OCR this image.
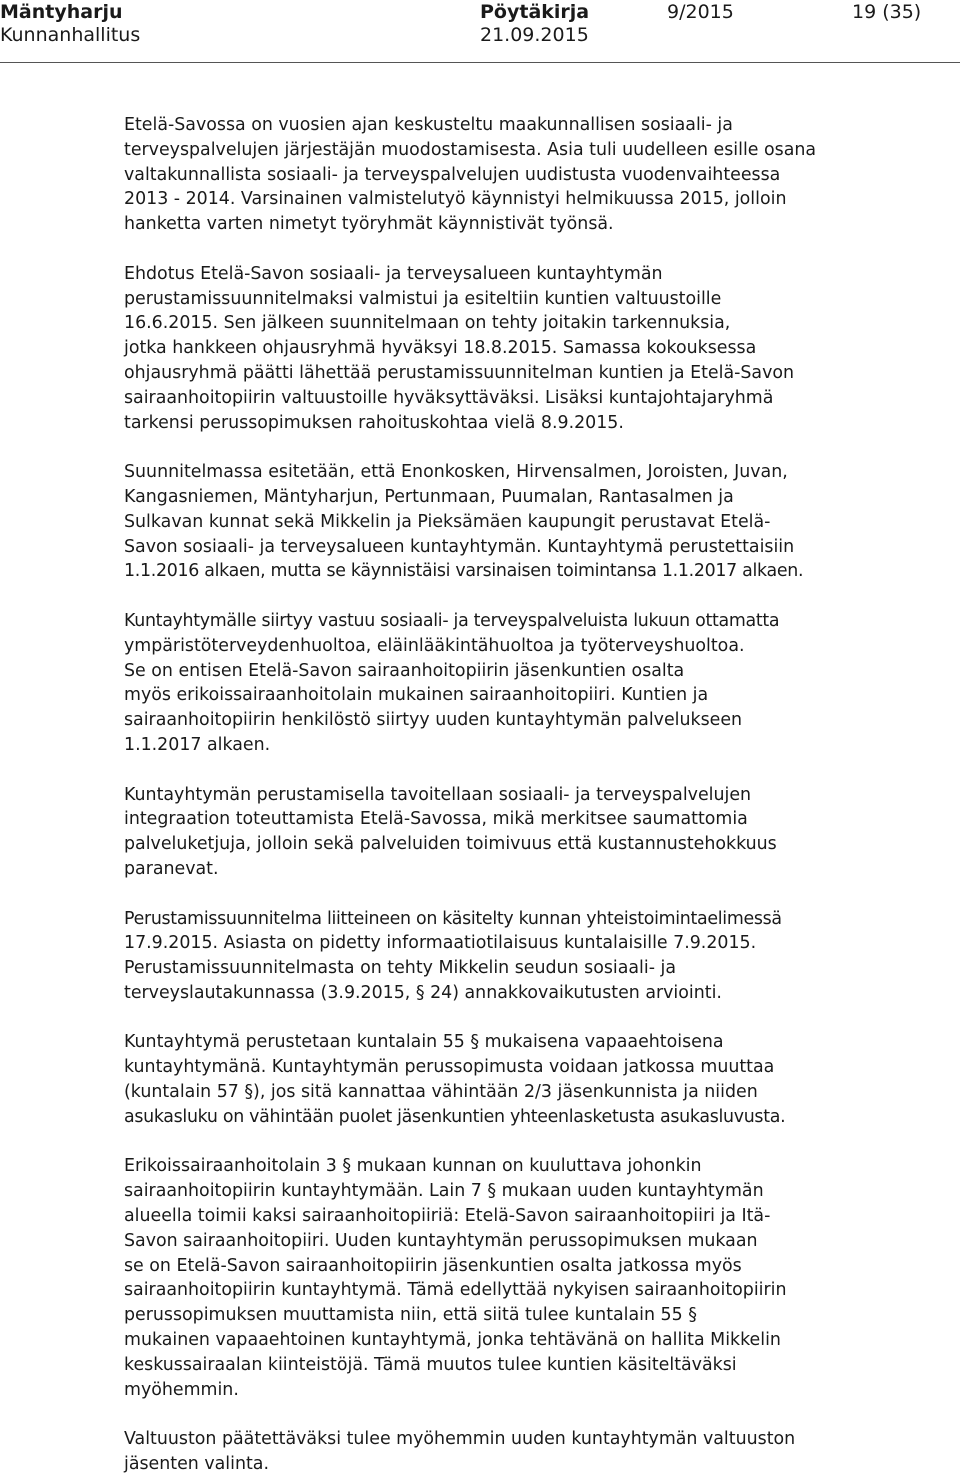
Mäntyharju
Kunnanhallitus
Pöytäkirja
21.09.2015
9/2015	19 (35)

Etelä-Savossa on vuosien ajan keskusteltu maakunnallisen sosiaali- ja
terveyspalvelujen järjestäjän muodostamisesta. Asia tuli uudelleen esille osana
valtakunnallista sosiaali- ja terveyspalvelujen uudistusta vuodenvaihteessa
2013 - 2014. Varsinainen valmistelutyö käynnistyi helmikuussa 2015, jolloin
hanketta varten nimetyt työryhmät käynnistivät työnsä.

Ehdotus Etelä-Savon sosiaali- ja terveysalueen kuntayhtymän
perustamissuunnitelmaksi valmistui ja esiteltiin kuntien valtuustoille
16.6.2015. Sen jälkeen suunnitelmaan on tehty joitakin tarkennuksia,
jotka hankkeen ohjausryhmä hyväksyi 18.8.2015. Samassa kokouksessa
ohjausryhmä päätti lähettää perustamissuunnitelman kuntien ja Etelä-Savon
sairaanhoitopiirin valtuustoille hyväksyttäväksi. Lisäksi kuntajohtajaryhmä
tarkensi perussopimuksen rahoituskohtaa vielä 8.9.2015.

Suunnitelmassa esitetään, että Enonkosken, Hirvensalmen, Joroisten, Juvan,
Kangasniemen, Mäntyharjun, Pertunmaan, Puumalan, Rantasalmen ja
Sulkavan kunnat sekä Mikkelin ja Pieksämäen kaupungit perustavat Etelä-
Savon sosiaali- ja terveysalueen kuntayhtymän. Kuntayhtymä perustettaisiin
1.1.2016 alkaen, mutta se käynnistäisi varsinaisen toimintansa 1.1.2017 alkaen.

Kuntayhtymälle siirtyy vastuu sosiaali- ja terveyspalveluista lukuun ottamatta
ympäristöterveydenhuoltoa, eläinlääkintähuoltoa ja työterveyshuoltoa.
Se on entisen Etelä-Savon sairaanhoitopiirin jäsenkuntien osalta
myös erikoissairaanhoitolain mukainen sairaanhoitopiiri. Kuntien ja
sairaanhoitopiirin henkilöstö siirtyy uuden kuntayhtymän palvelukseen
1.1.2017 alkaen.

Kuntayhtymän perustamisella tavoitellaan sosiaali- ja terveyspalvelujen
integraation toteuttamista Etelä-Savossa, mikä merkitsee saumattomia
palveluketjuja, jolloin sekä palveluiden toimivuus että kustannustehokkuus
paranevat.

Perustamissuunnitelma liitteineen on käsitelty kunnan yhteistoimintaelimessä
17.9.2015. Asiasta on pidetty informaatiotilaisuus kuntalaisille 7.9.2015.
Perustamissuunnitelmasta on tehty Mikkelin seudun sosiaali- ja
terveyslautakunnassa (3.9.2015, § 24) annakkovaikutusten arviointi.

Kuntayhtymä perustetaan kuntalain 55 § mukaisena vapaaehtoisena
kuntayhtymänä. Kuntayhtymän perussopimusta voidaan jatkossa muuttaa
(kuntalain 57 §), jos sitä kannattaa vähintään 2/3 jäsenkunnista ja niiden
asukasluku on vähintään puolet jäsenkuntien yhteenlasketusta asukasluvusta.

Erikoissairaanhoitolain 3 § mukaan kunnan on kuuluttava johonkin
sairaanhoitopiirin kuntayhtymään. Lain 7 § mukaan uuden kuntayhtymän
alueella toimii kaksi sairaanhoitopiiriä: Etelä-Savon sairaanhoitopiiri ja Itä-
Savon sairaanhoitopiiri. Uuden kuntayhtymän perussopimuksen mukaan
se on Etelä-Savon sairaanhoitopiirin jäsenkuntien osalta jatkossa myös
sairaanhoitopiirin kuntayhtymä. Tämä edellyttää nykyisen sairaanhoitopiirin
perussopimuksen muuttamista niin, että siitä tulee kuntalain 55 §
mukainen vapaaehtoinen kuntayhtymä, jonka tehtävänä on hallita Mikkelin
keskussairaalan kiinteistöjä. Tämä muutos tulee kuntien käsiteltäväksi
myöhemmin.

Valtuuston päätettäväksi tulee myöhemmin uuden kuntayhtymän valtuuston
jäsenten valinta.
